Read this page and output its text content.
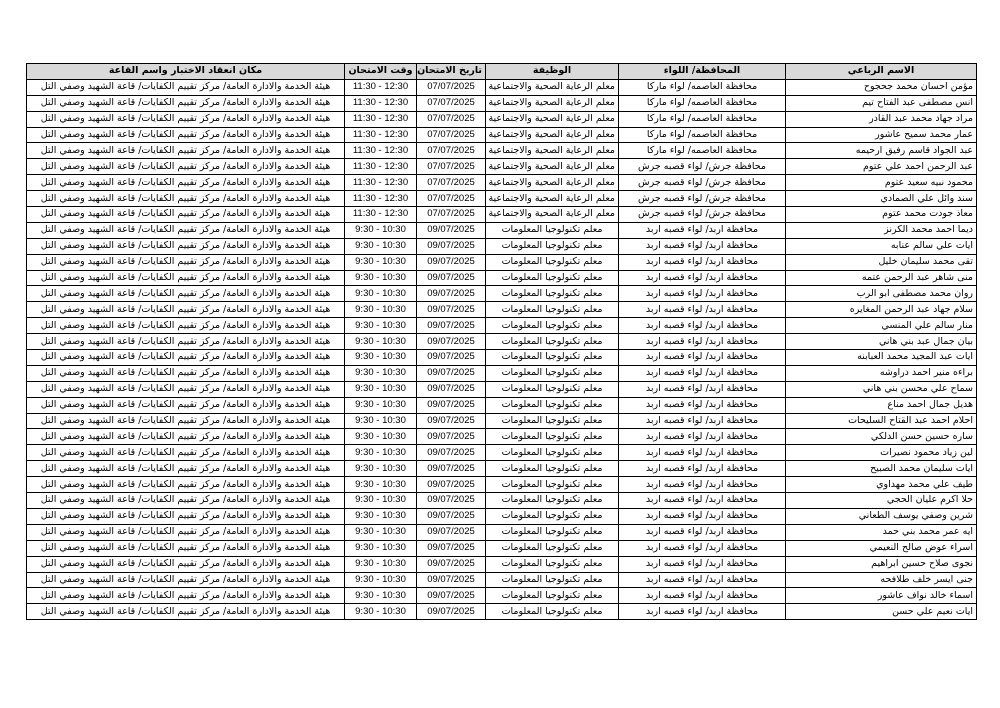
الاسم الرباعي	المحافظة/ اللواء	الوظيفة	تاريخ الامتحان	وقت الامتحان	مكان انعقاد الاختبار واسم القاعة
مؤمن احسان محمد جحجوح	محافظة العاصمه/ لواء ماركا	معلم الرعاية الصحية والاجتماعية	07/07/2025	11:30 - 12:30	هيئة الخدمة والادارة العامة/ مركز تقييم الكفايات/ قاعة الشهيد وصفي التل
انس مصطفى عبد الفتاح تيم	محافظة العاصمه/ لواء ماركا	معلم الرعاية الصحية والاجتماعية	07/07/2025	11:30 - 12:30	هيئة الخدمة والادارة العامة/ مركز تقييم الكفايات/ قاعة الشهيد وصفي التل
مراد جهاد محمد عبد القادر	محافظة العاصمه/ لواء ماركا	معلم الرعاية الصحية والاجتماعية	07/07/2025	11:30 - 12:30	هيئة الخدمة والادارة العامة/ مركز تقييم الكفايات/ قاعة الشهيد وصفي التل
عمار محمد سميح عاشور	محافظة العاصمه/ لواء ماركا	معلم الرعاية الصحية والاجتماعية	07/07/2025	11:30 - 12:30	هيئة الخدمة والادارة العامة/ مركز تقييم الكفايات/ قاعة الشهيد وصفي التل
عبد الجواد قاسم رفيق ارحيمه	محافظة العاصمه/ لواء ماركا	معلم الرعاية الصحية والاجتماعية	07/07/2025	11:30 - 12:30	هيئة الخدمة والادارة العامة/ مركز تقييم الكفايات/ قاعة الشهيد وصفي التل
عبد الرحمن احمد علي عتوم	محافظة جرش/ لواء قصبه جرش	معلم الرعاية الصحية والاجتماعية	07/07/2025	11:30 - 12:30	هيئة الخدمة والادارة العامة/ مركز تقييم الكفايات/ قاعة الشهيد وصفي التل
محمود نبيه سعيد عتوم	محافظة جرش/ لواء قصبه جرش	معلم الرعاية الصحية والاجتماعية	07/07/2025	11:30 - 12:30	هيئة الخدمة والادارة العامة/ مركز تقييم الكفايات/ قاعة الشهيد وصفي التل
سند وائل علي الصمادي	محافظة جرش/ لواء قصبه جرش	معلم الرعاية الصحية والاجتماعية	07/07/2025	11:30 - 12:30	هيئة الخدمة والادارة العامة/ مركز تقييم الكفايات/ قاعة الشهيد وصفي التل
معاذ جودت محمد عتوم	محافظة جرش/ لواء قصبه جرش	معلم الرعاية الصحية والاجتماعية	07/07/2025	11:30 - 12:30	هيئة الخدمة والادارة العامة/ مركز تقييم الكفايات/ قاعة الشهيد وصفي التل
ديما احمد محمد الكرنز	محافظة اربد/ لواء قصبه اربد	معلم تكنولوجيا المعلومات	09/07/2025	9:30 - 10:30	هيئة الخدمة والادارة العامة/ مركز تقييم الكفايات/ قاعة الشهيد وصفي التل
ايات علي سالم عنابه	محافظة اربد/ لواء قصبه اربد	معلم تكنولوجيا المعلومات	09/07/2025	9:30 - 10:30	هيئة الخدمة والادارة العامة/ مركز تقييم الكفايات/ قاعة الشهيد وصفي التل
تقى محمد سليمان خليل	محافظة اربد/ لواء قصبه اربد	معلم تكنولوجيا المعلومات	09/07/2025	9:30 - 10:30	هيئة الخدمة والادارة العامة/ مركز تقييم الكفايات/ قاعة الشهيد وصفي التل
منى شاهر عبد الرحمن عتمه	محافظة اربد/ لواء قصبه اربد	معلم تكنولوجيا المعلومات	09/07/2025	9:30 - 10:30	هيئة الخدمة والادارة العامة/ مركز تقييم الكفايات/ قاعة الشهيد وصفي التل
روان محمد مصطفى ابو الرب	محافظة اربد/ لواء قصبه اربد	معلم تكنولوجيا المعلومات	09/07/2025	9:30 - 10:30	هيئة الخدمة والادارة العامة/ مركز تقييم الكفايات/ قاعة الشهيد وصفي التل
سلام جهاد عبد الرحمن المغايره	محافظة اربد/ لواء قصبه اربد	معلم تكنولوجيا المعلومات	09/07/2025	9:30 - 10:30	هيئة الخدمة والادارة العامة/ مركز تقييم الكفايات/ قاعة الشهيد وصفي التل
منار سالم علي المنسي	محافظة اربد/ لواء قصبه اربد	معلم تكنولوجيا المعلومات	09/07/2025	9:30 - 10:30	هيئة الخدمة والادارة العامة/ مركز تقييم الكفايات/ قاعة الشهيد وصفي التل
بيان جمال عبد بني هاني	محافظة اربد/ لواء قصبه اربد	معلم تكنولوجيا المعلومات	09/07/2025	9:30 - 10:30	هيئة الخدمة والادارة العامة/ مركز تقييم الكفايات/ قاعة الشهيد وصفي التل
ايات عبد المجيد محمد العبابنه	محافظة اربد/ لواء قصبه اربد	معلم تكنولوجيا المعلومات	09/07/2025	9:30 - 10:30	هيئة الخدمة والادارة العامة/ مركز تقييم الكفايات/ قاعة الشهيد وصفي التل
براءه منير احمد دراوشه	محافظة اربد/ لواء قصبه اربد	معلم تكنولوجيا المعلومات	09/07/2025	9:30 - 10:30	هيئة الخدمة والادارة العامة/ مركز تقييم الكفايات/ قاعة الشهيد وصفي التل
سماح علي محسن بني هاني	محافظة اربد/ لواء قصبه اربد	معلم تكنولوجيا المعلومات	09/07/2025	9:30 - 10:30	هيئة الخدمة والادارة العامة/ مركز تقييم الكفايات/ قاعة الشهيد وصفي التل
هديل جمال احمد مناع	محافظة اربد/ لواء قصبه اربد	معلم تكنولوجيا المعلومات	09/07/2025	9:30 - 10:30	هيئة الخدمة والادارة العامة/ مركز تقييم الكفايات/ قاعة الشهيد وصفي التل
احلام احمد عبد القتاح السليحات	محافظة اربد/ لواء قصبه اربد	معلم تكنولوجيا المعلومات	09/07/2025	9:30 - 10:30	هيئة الخدمة والادارة العامة/ مركز تقييم الكفايات/ قاعة الشهيد وصفي التل
ساره حسين حسن الدلكي	محافظة اربد/ لواء قصبه اربد	معلم تكنولوجيا المعلومات	09/07/2025	9:30 - 10:30	هيئة الخدمة والادارة العامة/ مركز تقييم الكفايات/ قاعة الشهيد وصفي التل
لين زياد محمود نصيرات	محافظة اربد/ لواء قصبه اربد	معلم تكنولوجيا المعلومات	09/07/2025	9:30 - 10:30	هيئة الخدمة والادارة العامة/ مركز تقييم الكفايات/ قاعة الشهيد وصفي التل
ايات سليمان محمد الصبيح	محافظة اربد/ لواء قصبه اربد	معلم تكنولوجيا المعلومات	09/07/2025	9:30 - 10:30	هيئة الخدمة والادارة العامة/ مركز تقييم الكفايات/ قاعة الشهيد وصفي التل
طيف علي محمد مهداوي	محافظة اربد/ لواء قصبه اربد	معلم تكنولوجيا المعلومات	09/07/2025	9:30 - 10:30	هيئة الخدمة والادارة العامة/ مركز تقييم الكفايات/ قاعة الشهيد وصفي التل
حلا اكرم عليان الحجي	محافظة اربد/ لواء قصبه اربد	معلم تكنولوجيا المعلومات	09/07/2025	9:30 - 10:30	هيئة الخدمة والادارة العامة/ مركز تقييم الكفايات/ قاعة الشهيد وصفي التل
شرين وصفي يوسف الطعاني	محافظة اربد/ لواء قصبه اربد	معلم تكنولوجيا المعلومات	09/07/2025	9:30 - 10:30	هيئة الخدمة والادارة العامة/ مركز تقييم الكفايات/ قاعة الشهيد وصفي التل
ايه عمر محمد بني حمد	محافظة اربد/ لواء قصبه اربد	معلم تكنولوجيا المعلومات	09/07/2025	9:30 - 10:30	هيئة الخدمة والادارة العامة/ مركز تقييم الكفايات/ قاعة الشهيد وصفي التل
اسراء عوض صالح النعيمي	محافظة اربد/ لواء قصبه اربد	معلم تكنولوجيا المعلومات	09/07/2025	9:30 - 10:30	هيئة الخدمة والادارة العامة/ مركز تقييم الكفايات/ قاعة الشهيد وصفي التل
نجوى صلاح حسين ابراهيم	محافظة اربد/ لواء قصبه اربد	معلم تكنولوجيا المعلومات	09/07/2025	9:30 - 10:30	هيئة الخدمة والادارة العامة/ مركز تقييم الكفايات/ قاعة الشهيد وصفي التل
جنى ايسر خلف طلافحه	محافظة اربد/ لواء قصبه اربد	معلم تكنولوجيا المعلومات	09/07/2025	9:30 - 10:30	هيئة الخدمة والادارة العامة/ مركز تقييم الكفايات/ قاعة الشهيد وصفي التل
اسماء خالد نواف عاشور	محافظة اربد/ لواء قصبه اربد	معلم تكنولوجيا المعلومات	09/07/2025	9:30 - 10:30	هيئة الخدمة والادارة العامة/ مركز تقييم الكفايات/ قاعة الشهيد وصفي التل
ايات نعيم علي حسن	محافظة اربد/ لواء قصبه اربد	معلم تكنولوجيا المعلومات	09/07/2025	9:30 - 10:30	هيئة الخدمة والادارة العامة/ مركز تقييم الكفايات/ قاعة الشهيد وصفي التل
